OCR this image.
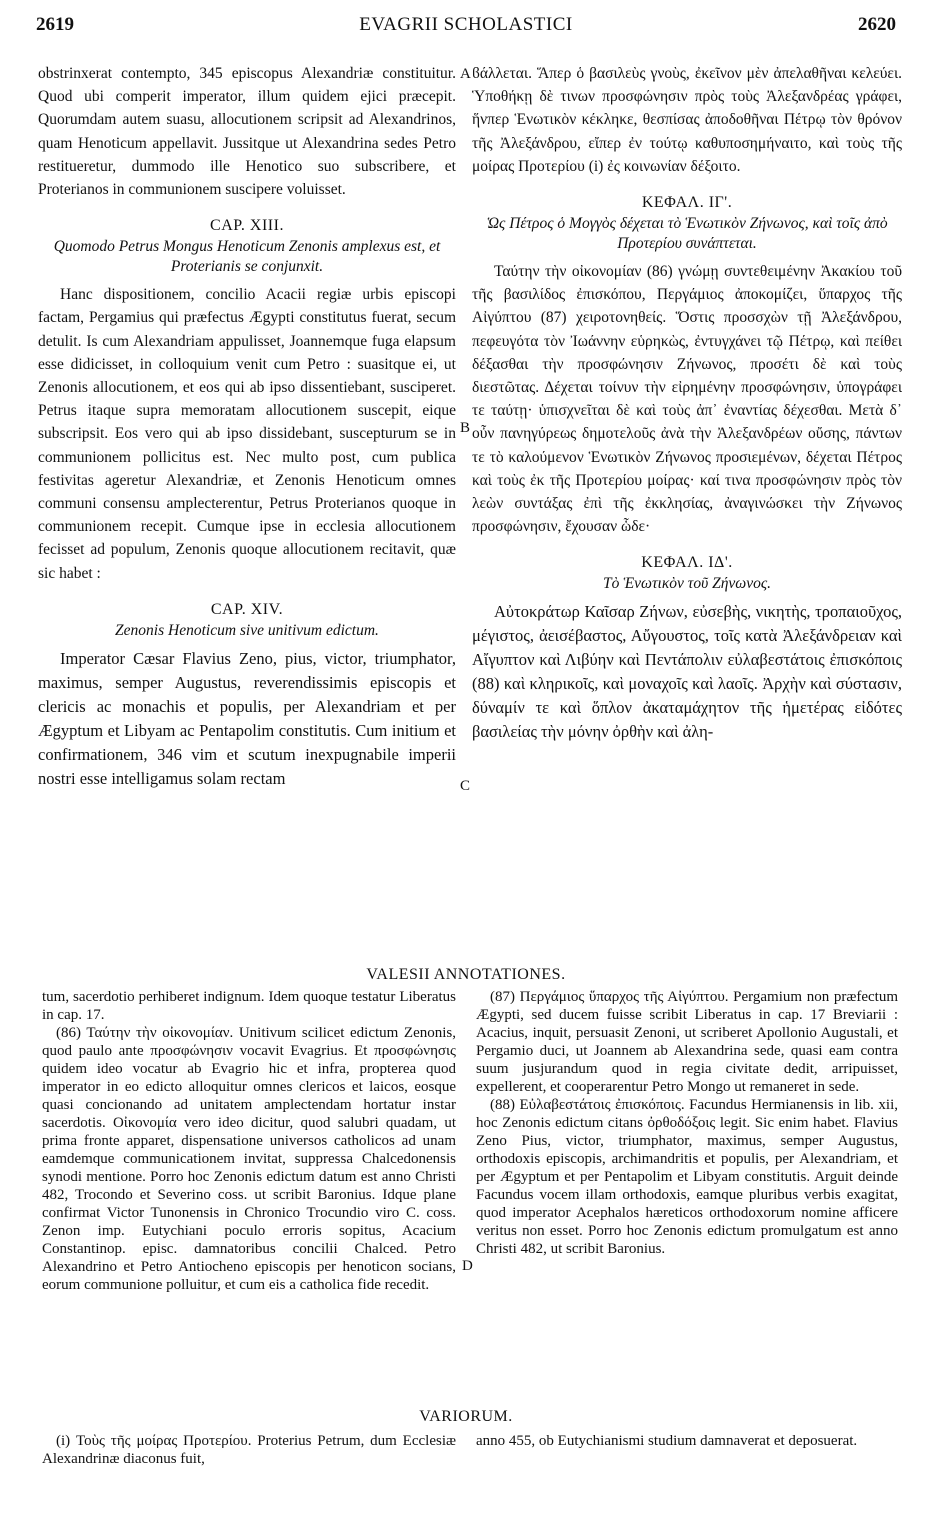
2619	EVAGRII SCHOLASTICI	2620

obstrinxerat contempto, 345 episcopus Alexandriæ constituitur. Quod ubi comperit imperator, illum quidem ejici præcepit. Quorumdam autem suasu, allocutionem scripsit ad Alexandrinos, quam Henoticum appellavit. Jussitque ut Alexandrina sedes Petro restitueretur, dummodo ille Henotico suo subscribere, et Proterianos in communionem suscipere voluisset.

CAP. XIII.
Quomodo Petrus Mongus Henoticum Zenonis amplexus est, et Proterianis se conjunxit.

Hanc dispositionem, concilio Acacii regiæ urbis episcopi factam, Pergamius qui præfectus Ægypti constitutus fuerat, secum detulit. Is cum Alexandriam appulisset, Joannemque fuga elapsum esse didicisset, in colloquium venit cum Petro : suasitque ei, ut Zenonis allocutionem, et eos qui ab ipso dissentiebant, susciperet. Petrus itaque supra memoratam allocutionem suscepit, eique subscripsit. Eos vero qui ab ipso dissidebant, suscepturum se in communionem pollicitus est. Nec multo post, cum publica festivitas ageretur Alexandriæ, et Zenonis Henoticum omnes communi consensu amplecterentur, Petrus Proterianos quoque in communionem recepit. Cumque ipse in ecclesia allocutionem fecisset ad populum, Zenonis quoque allocutionem recitavit, quæ sic habet :

CAP. XIV.
Zenonis Henoticum sive unitivum edictum.

Imperator Cæsar Flavius Zeno, pius, victor, triumphator, maximus, semper Augustus, reverendissimis episcopis et clericis ac monachis et populis, per Alexandriam et per Ægyptum et Libyam ac Pentapolim constitutis. Cum initium et confirmationem, 346 vim et scutum inexpugnabile imperii nostri esse intelligamus solam rectam

ϐάλλεται. Ἅπερ ὁ βασιλεὺς γνοὺς, ἐκεῖνον μὲν ἀπελαθῆναι κελεύει. Ὑποθήκῃ δὲ τινων προσφώνησιν πρὸς τοὺς Ἀλεξανδρέας γράφει, ἥνπερ Ἑνωτικὸν κέκληκε, θεσπίσας ἀποδοθῆναι Πέτρῳ τὸν θρόνον τῆς Ἀλεξάνδρου, εἴπερ ἐν τούτῳ καθυποσημήναιτο, καὶ τοὺς τῆς μοίρας Προτερίου (i) ἐς κοινωνίαν δέξοιτο.

ΚΕΦΑΛ. ΙΓ'.
Ὡς Πέτρος ὁ Μογγὸς δέχεται τὸ Ἑνωτικὸν Ζήνωνος, καὶ τοῖς ἀπὸ Προτερίου συνάπτεται.

Ταύτην τὴν οἰκονομίαν (86) γνώμῃ συντεθειμένην Ἀκακίου τοῦ τῆς βασιλίδος ἐπισκόπου, Περγάμιος ἀποκομίζει, ὕπαρχος τῆς Αἰγύπτου (87) χειροτονηθείς. Ὅστις προσσχὼν τῇ Ἀλεξάνδρου, πεφευγότα τὸν Ἰωάννην εὑρηκὼς, ἐντυγχάνει τῷ Πέτρῳ, καὶ πείθει δέξασθαι τὴν προσφώνησιν Ζήνωνος, προσέτι δὲ καὶ τοὺς διεστῶτας. Δέχεται τοίνυν τὴν εἰρημένην προσφώνησιν, ὑπογράφει τε ταύτῃ· ὑπισχνεῖται δὲ καὶ τοὺς ἀπ᾽ ἐναντίας δέχεσθαι. Μετὰ δ᾽ οὖν πανηγύρεως δημοτελοῦς ἀνὰ τὴν Ἀλεξανδρέων οὔσης, πάντων τε τὸ καλούμενον Ἑνωτικὸν Ζήνωνος προσιεμένων, δέχεται Πέτρος καὶ τοὺς ἐκ τῆς Προτερίου μοίρας· καί τινα προσφώνησιν πρὸς τὸν λεὼν συντάξας ἐπὶ τῆς ἐκκλησίας, ἀναγινώσκει τὴν Ζήνωνος προσφώνησιν, ἔχουσαν ὧδε·

ΚΕΦΑΛ. ΙΔ'.
Τὸ Ἑνωτικὸν τοῦ Ζήνωνος.

Αὐτοκράτωρ Καῖσαρ Ζήνων, εὐσεβὴς, νικητὴς, τροπαιοῦχος, μέγιστος, ἀεισέβαστος, Αὔγουστος, τοῖς κατὰ Ἀλεξάνδρειαν καὶ Αἴγυπτον καὶ Λιβύην καὶ Πεντάπολιν εὐλαβεστάτοις ἐπισκόποις (88) καὶ κληρικοῖς, καὶ μοναχοῖς καὶ λαοῖς. Ἀρχὴν καὶ σύστασιν, δύναμίν τε καὶ ὅπλον ἀκαταμάχητον τῆς ἡμετέρας εἰδότες βασιλείας τὴν μόνην ὀρθὴν καὶ ἀλη-

A
B
C
D
VALESII ANNOTATIONES.

tum, sacerdotio perhiberet indignum. Idem quoque testatur Liberatus in cap. 17.

(86) Ταύτην τὴν οἰκονομίαν. Unitivum scilicet edictum Zenonis, quod paulo ante προσφώνησιν vocavit Evagrius. Et προσφώνησις quidem ideo vocatur ab Evagrio hic et infra, propterea quod imperator in eo edicto alloquitur omnes clericos et laicos, eosque quasi concionando ad unitatem amplectendam hortatur instar sacerdotis. Οἰκονομία vero ideo dicitur, quod salubri quadam, ut prima fronte apparet, dispensatione universos catholicos ad unam eamdemque communicationem invitat, suppressa Chalcedonensis synodi mentione. Porro hoc Zenonis edictum datum est anno Christi 482, Trocondo et Severino coss. ut scribit Baronius. Idque plane confirmat Victor Tunonensis in Chronico Trocundio viro C. coss. Zenon imp. Eutychiani poculo erroris sopitus, Acacium Constantinop. episc. damnatoribus concilii Chalced. Petro Alexandrino et Petro Antiocheno episcopis per henoticon socians, eorum communione polluitur, et cum eis a catholica fide recedit.

(87) Περγάμιος ὕπαρχος τῆς Αἰγύπτου. Pergamium non præfectum Ægypti, sed ducem fuisse scribit Liberatus in cap. 17 Breviarii : Acacius, inquit, persuasit Zenoni, ut scriberet Apollonio Augustali, et Pergamio duci, ut Joannem ab Alexandrina sede, quasi eam contra suum jusjurandum quod in regia civitate dedit, arripuisset, expellerent, et cooperarentur Petro Mongo ut remaneret in sede.

(88) Εὐλαβεστάτοις ἐπισκόποις. Facundus Hermianensis in lib. xii, hoc Zenonis edictum citans ὀρθοδόξοις legit. Sic enim habet. Flavius Zeno Pius, victor, triumphator, maximus, semper Augustus, orthodoxis episcopis, archimandritis et populis, per Alexandriam, et per Ægyptum et per Pentapolim et Libyam constitutis. Arguit deinde Facundus vocem illam orthodoxis, eamque pluribus verbis exagitat, quod imperator Acephalos hæreticos orthodoxorum nomine afficere veritus non esset. Porro hoc Zenonis edictum promulgatum est anno Christi 482, ut scribit Baronius.

VARIORUM.

(i) Τοὺς τῆς μοίρας Προτερίου. Proterius Petrum, dum Ecclesiæ Alexandrinæ diaconus fuit,

anno 455, ob Eutychianismi studium damnaverat et deposuerat.
